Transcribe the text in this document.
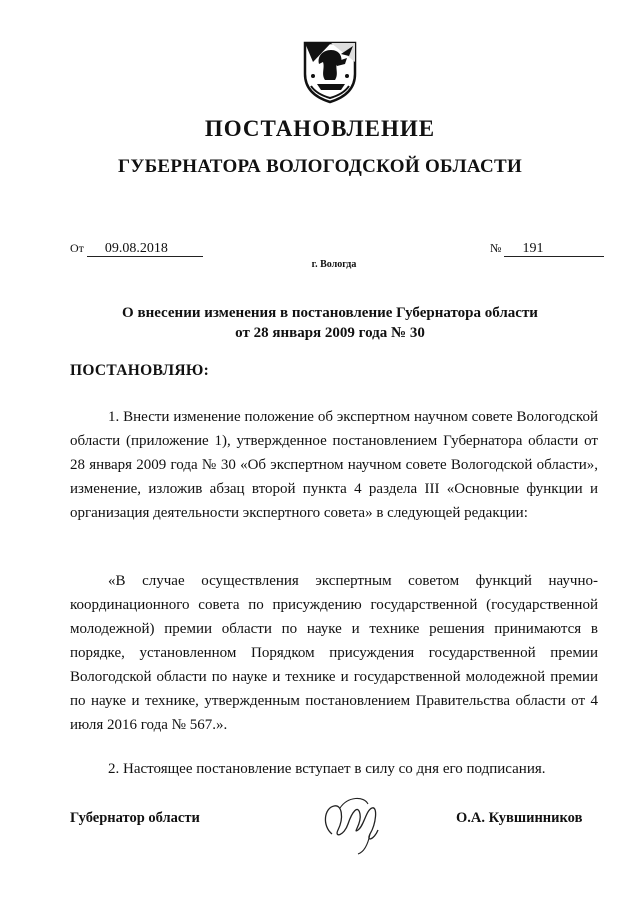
ПОСТАНОВЛЕНИЕ
ГУБЕРНАТОРА ВОЛОГОДСКОЙ ОБЛАСТИ
От 09.08.2018	№ 191
г. Вологда
О внесении изменения в постановление Губернатора области
от 28 января 2009 года № 30
ПОСТАНОВЛЯЮ:
1. Внести изменение положение об экспертном научном совете Вологодской области (приложение 1), утвержденное постановлением Губернатора области от 28 января 2009 года № 30 «Об экспертном научном совете Вологодской области», изменение, изложив абзац второй пункта 4 раздела III «Основные функции и организация деятельности экспертного совета» в следующей редакции:
«В случае осуществления экспертным советом функций научно-координационного совета по присуждению государственной (государственной молодежной) премии области по науке и технике решения принимаются в порядке, установленном Порядком присуждения государственной премии Вологодской области по науке и технике и государственной молодежной премии по науке и технике, утвержденным постановлением Правительства области от 4 июля 2016 года № 567.».
2. Настоящее постановление вступает в силу со дня его подписания.
Губернатор области	О.А. Кувшинников
